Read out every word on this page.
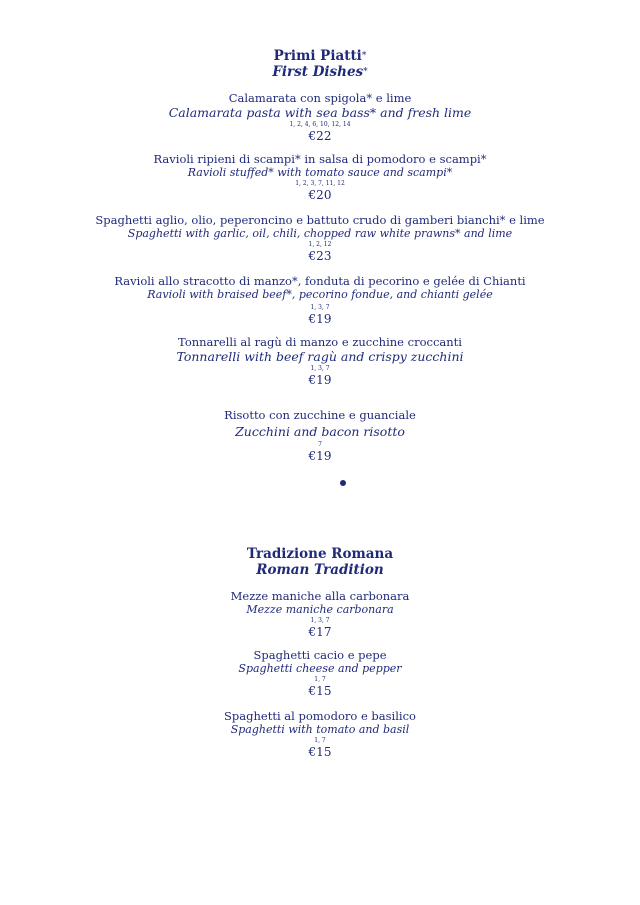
Primi Piatti*
First Dishes*
Calamarata con spigola* e lime
Calamarata pasta with sea bass* and fresh lime
1, 2, 4, 6, 10, 12, 14
€22
Ravioli ripieni di scampi* in salsa di pomodoro e scampi*
Ravioli stuffed* with tomato sauce and scampi*
1, 2, 3, 7, 11, 12
€20
Spaghetti aglio, olio, peperoncino e battuto crudo di gamberi bianchi* e lime
Spaghetti with garlic, oil, chili, chopped raw white prawns* and lime
1, 2, 12
€23
Ravioli allo stracotto di manzo*, fonduta di pecorino e gelée di Chianti
Ravioli with braised beef*, pecorino fondue, and chianti gelée
1, 3, 7
€19
Tonnarelli al ragù di manzo e zucchine croccanti
Tonnarelli with beef ragù and crispy zucchini
1, 3, 7
€19
Risotto con zucchine e guanciale
Zucchini and bacon risotto
7
€19
Tradizione Romana
Roman Tradition
Mezze maniche alla carbonara
Mezze maniche carbonara
1, 3, 7
€17
Spaghetti cacio e pepe
Spaghetti cheese and pepper
1, 7
€15
Spaghetti al pomodoro e basilico
Spaghetti with tomato and basil
1, 7
€15
